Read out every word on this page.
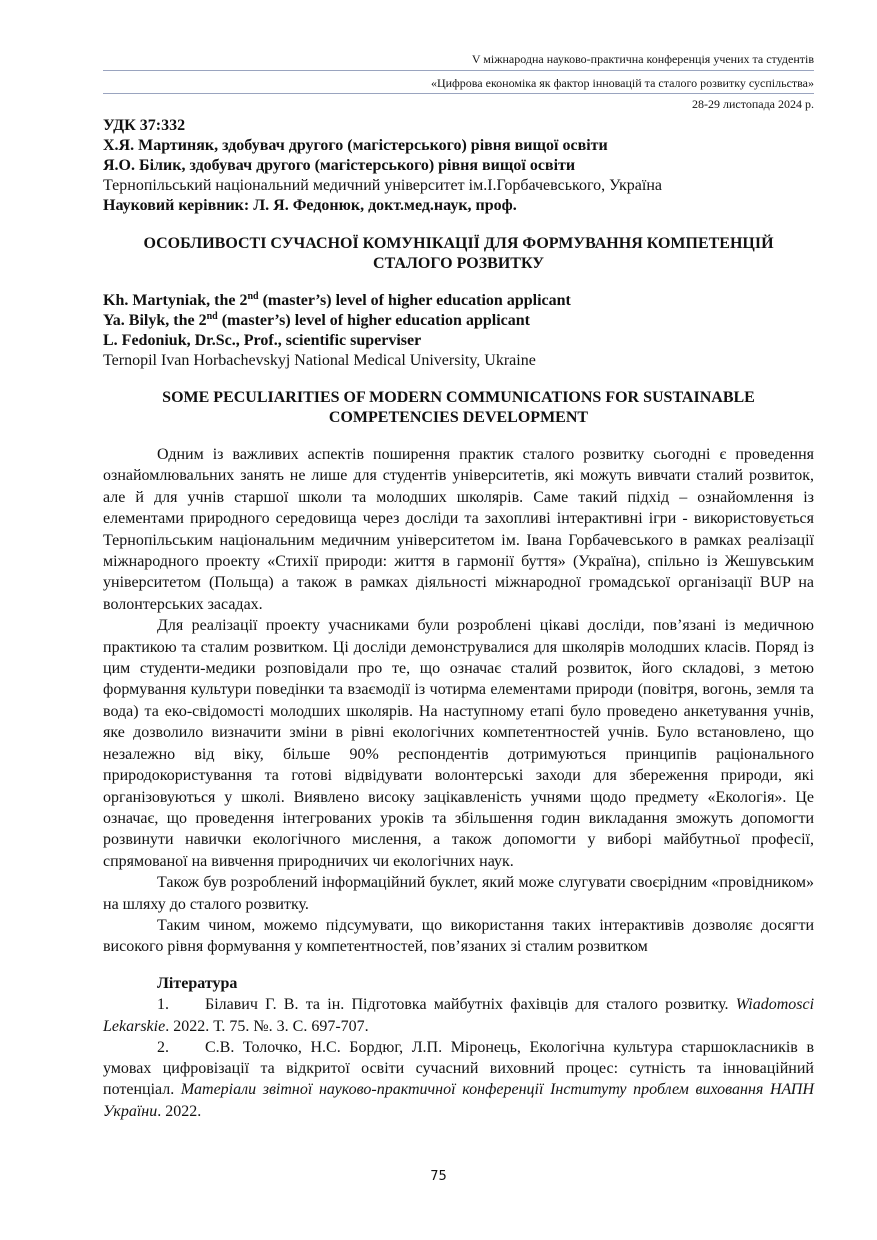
V міжнародна науково-практична конференція учених та студентів
«Цифрова економіка як фактор інновацій та сталого розвитку суспільства»
28-29 листопада 2024 р.
УДК 37:332
Х.Я. Мартиняк, здобувач другого (магістерського) рівня вищої освіти
Я.О. Білик, здобувач другого (магістерського) рівня вищої освіти
Тернопільський національний медичний університет ім.І.Горбачевського, Україна
Науковий керівник: Л. Я. Федонюк, докт.мед.наук, проф.
ОСОБЛИВОСТІ СУЧАСНОЇ КОМУНІКАЦІЇ ДЛЯ ФОРМУВАННЯ КОМПЕТЕНЦІЙ
СТАЛОГО РОЗВИТКУ
Kh. Martyniak, the 2nd (master’s) level of higher education applicant
Ya. Bilyk, the 2nd (master’s) level of higher education applicant
L. Fedoniuk, Dr.Sc., Prof., scientific superviser
Ternopil Ivan Horbachevskyj National Medical University, Ukraine
SOME PECULIARITIES OF MODERN COMMUNICATIONS FOR SUSTAINABLE
COMPETENCIES DEVELOPMENT

Одним із важливих аспектів поширення практик сталого розвитку сьогодні є проведення ознайомлювальних занять не лише для студентів університетів, які можуть вивчати сталий розвиток, але й для учнів старшої школи та молодших школярів. Саме такий підхід – ознайомлення із елементами природного середовища через досліди та захопливі інтерактивні ігри - використовується Тернопільським національним медичним університетом ім. Івана Горбачевського в рамках реалізації міжнародного проекту «Стихії природи: життя в гармонії буття» (Україна), спільно із Жешувським університетом (Польща) а також в рамках діяльності міжнародної громадської організації BUP на волонтерських засадах.

Для реалізації проекту учасниками були розроблені цікаві досліди, пов’язані із медичною практикою та сталим розвитком. Ці досліди демонструвалися для школярів молодших класів. Поряд із цим студенти-медики розповідали про те, що означає сталий розвиток, його складові, з метою формування культури поведінки та взаємодії із чотирма елементами природи (повітря, вогонь, земля та вода) та еко-свідомості молодших школярів. На наступному етапі було проведено анкетування учнів, яке дозволило визначити зміни в рівні екологічних компетентностей учнів. Було встановлено, що незалежно від віку, більше 90% респондентів дотримуються принципів раціонального природокористування та готові відвідувати волонтерські заходи для збереження природи, які організовуються у школі. Виявлено високу зацікавленість учнями щодо предмету «Екологія». Це означає, що проведення інтегрованих уроків та збільшення годин викладання зможуть допомогти розвинути навички екологічного мислення, а також допомогти у виборі майбутньої професії, спрямованої на вивчення природничих чи екологічних наук.

Також був розроблений інформаційний буклет, який може слугувати своєрідним «провідником» на шляху до сталого розвитку.

Таким чином, можемо підсумувати, що використання таких інтерактивів дозволяє досягти високого рівня формування у компетентностей, пов’язаних зі сталим розвитком

Література

1. Білавич Г. В. та ін. Підготовка майбутніх фахівців для сталого розвитку. Wiadomosci Lekarskie. 2022. Т. 75. №. 3. С. 697-707.

2. С.В. Толочко, Н.С. Бордюг, Л.П. Міронець, Екологічна культура старшокласників в умовах цифровізації та відкритої освіти сучасний виховний процес: сутність та інноваційний потенціал. Матеріали звітної науково-практичної конференції Інституту проблем виховання НАПН України. 2022.

75
